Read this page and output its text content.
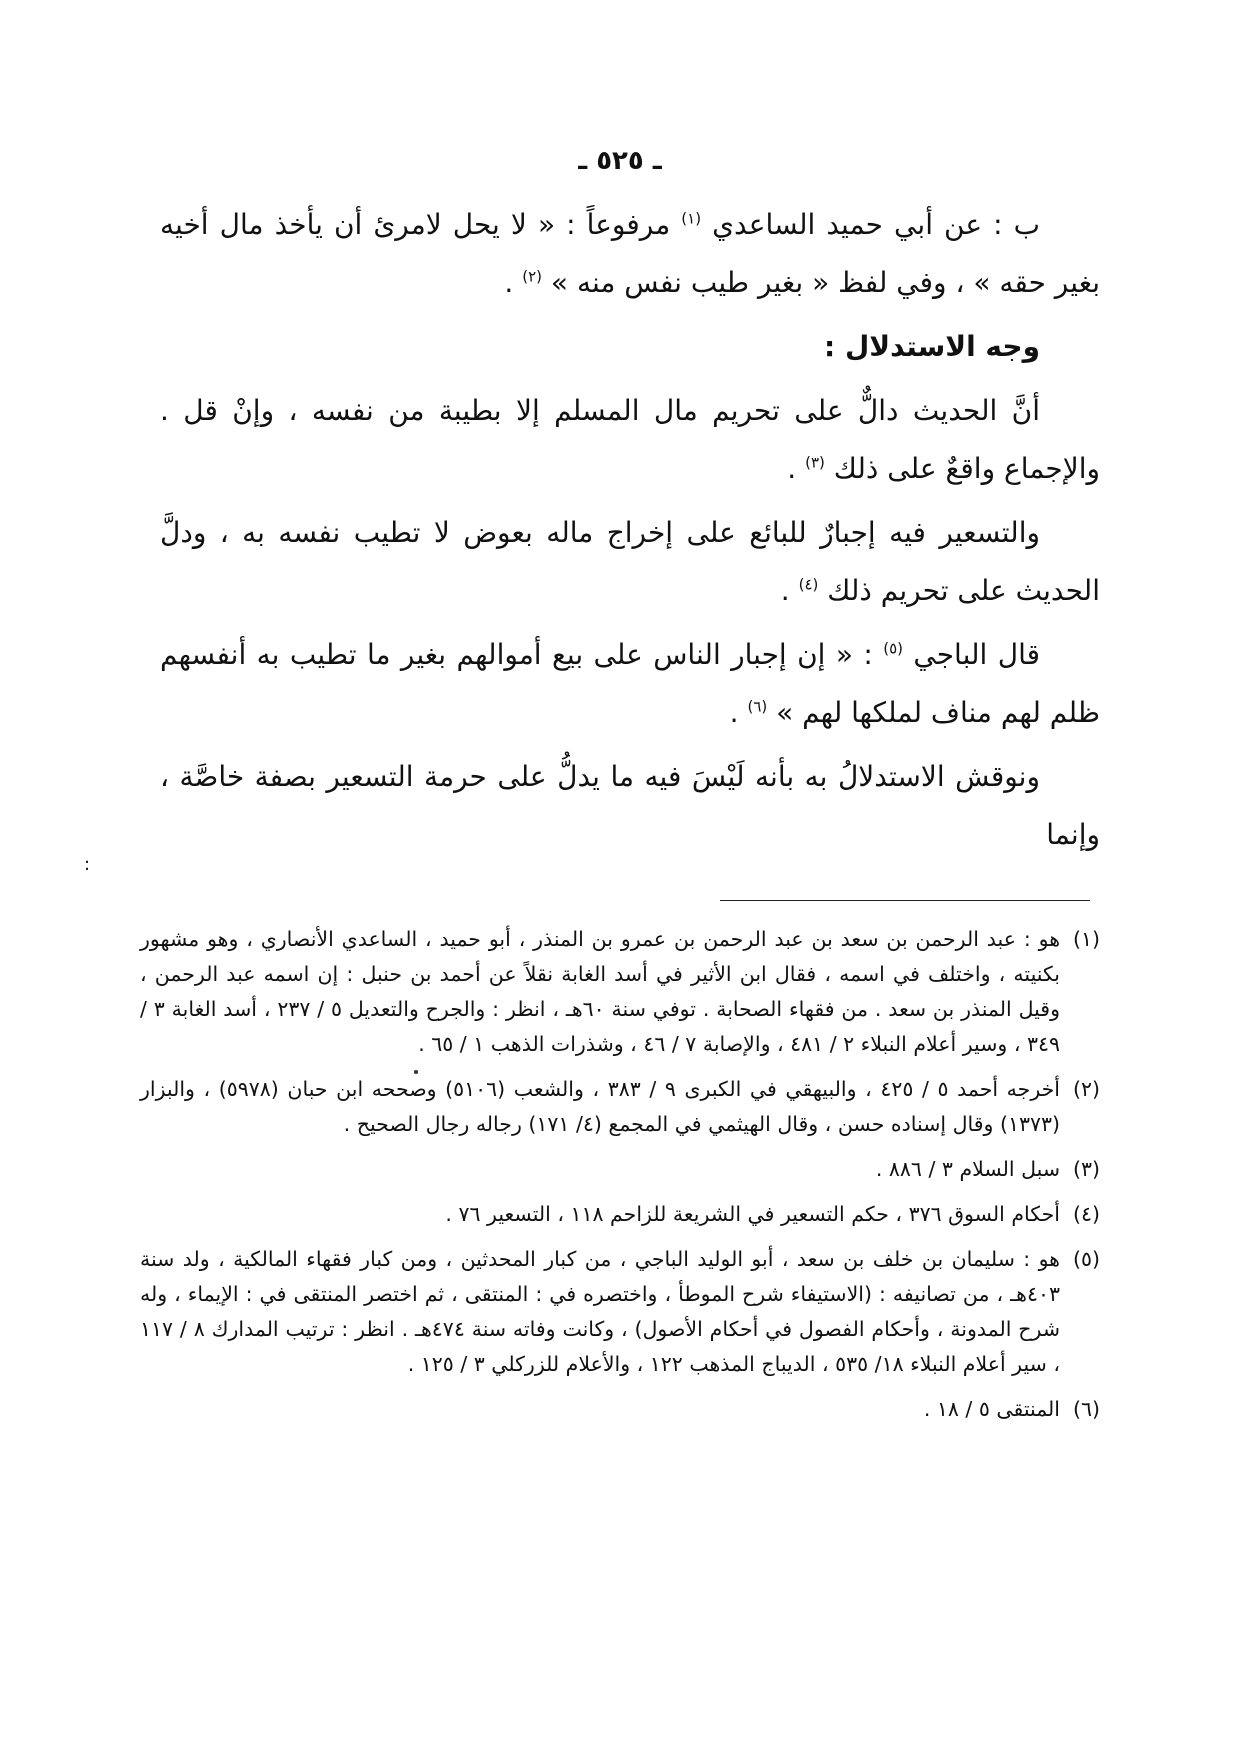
ـ ٥٢٥ ـ

ب : عن أبي حميد الساعدي $^{(١)}$ مرفوعاً : « لا يحل لامرئ أن يأخذ مال أخيه بغير حقه » ، وفي لفظ « بغير طيب نفس منه » $^{(٢)}$ .

وجه الاستدلال :

أنَّ الحديث دالٌّ على تحريم مال المسلم إلا بطيبة من نفسه ، وإنْ قل . والإجماع واقعٌ على ذلك $^{(٣)}$ .

والتسعير فيه إجبارٌ للبائع على إخراج ماله بعوض لا تطيب نفسه به ، ودلَّ الحديث على تحريم ذلك $^{(٤)}$ .

قال الباجي $^{(٥)}$ : « إن إجبار الناس على بيع أموالهم بغير ما تطيب به أنفسهم ظلم لهم مناف لملكها لهم » $^{(٦)}$ .

ونوقش الاستدلالُ به بأنه لَيْسَ فيه ما يدلُّ على حرمة التسعير بصفة خاصَّة ، وإنما

:
(١)
هو : عبد الرحمن بن سعد بن عبد الرحمن بن عمرو بن المنذر ، أبو حميد ، الساعدي الأنصاري ، وهو مشهور بكنيته ، واختلف في اسمه ، فقال ابن الأثير في أسد الغابة نقلاً عن أحمد بن حنبل : إن اسمه عبد الرحمن ، وقيل المنذر بن سعد . من فقهاء الصحابة . توفي سنة ٦٠هـ ، انظر : والجرح والتعديل ٥ / ٢٣٧ ، أسد الغابة ٣ / ٣٤٩ ، وسير أعلام النبلاء ٢ / ٤٨١ ، والإصابة ٧ / ٤٦ ، وشذرات الذهب ١ / ٦٥ .
(٢)
أخرجه أحمد ٥ / ٤٢٥ ، والبيهقي في الكبرى ٩ / ٣٨٣ ، والشعب (٥١٠٦) وصححه ابن حبان (٥٩٧٨) ، والبزار (١٣٧٣) وقال إسناده حسن ، وقال الهيثمي في المجمع (٤/ ١٧١) رجاله رجال الصحيح .
(٣)
سبل السلام ٣ / ٨٨٦ .
(٤)
أحكام السوق ٣٧٦ ، حكم التسعير في الشريعة للزاحم ١١٨ ، التسعير ٧٦ .
(٥)
هو : سليمان بن خلف بن سعد ، أبو الوليد الباجي ، من كبار المحدثين ، ومن كبار فقهاء المالكية ، ولد سنة ٤٠٣هـ ، من تصانيفه : (الاستيفاء شرح الموطأ ، واختصره في : المنتقى ، ثم اختصر المنتقى في : الإيماء ، وله شرح المدونة ، وأحكام الفصول في أحكام الأصول) ، وكانت وفاته سنة ٤٧٤هـ . انظر : ترتيب المدارك ٨ / ١١٧ ، سير أعلام النبلاء ١٨/ ٥٣٥ ، الديباج المذهب ١٢٢ ، والأعلام للزركلي ٣ / ١٢٥ .
(٦)
المنتقى ٥ / ١٨ .
